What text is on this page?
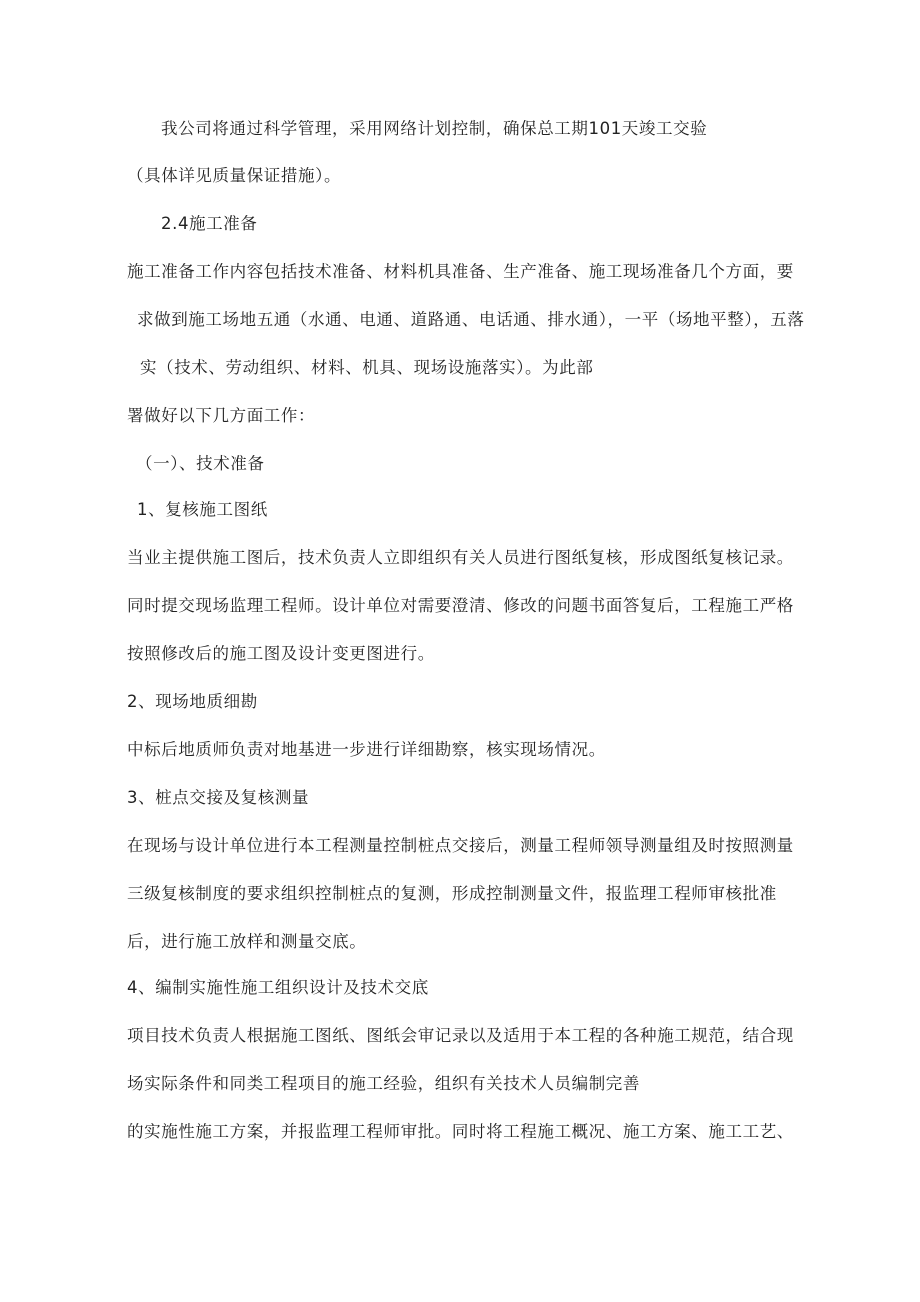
我公司将通过科学管理，采用网络计划控制，确保总工期101天竣工交验
（具体详见质量保证措施）。
2.4施工准备
施工准备工作内容包括技术准备、材料机具准备、生产准备、施工现场准备几个方面，要
求做到施工场地五通（水通、电通、道路通、电话通、排水通），一平（场地平整），五落
实（技术、劳动组织、材料、机具、现场设施落实）。为此部
署做好以下几方面工作：
（一）、技术准备
1、复核施工图纸
当业主提供施工图后，技术负责人立即组织有关人员进行图纸复核，形成图纸复核记录。
同时提交现场监理工程师。设计单位对需要澄清、修改的问题书面答复后，工程施工严格
按照修改后的施工图及设计变更图进行。
2、现场地质细勘
中标后地质师负责对地基进一步进行详细勘察，核实现场情况。
3、桩点交接及复核测量
在现场与设计单位进行本工程测量控制桩点交接后，测量工程师领导测量组及时按照测量
三级复核制度的要求组织控制桩点的复测，形成控制测量文件，报监理工程师审核批准
后，进行施工放样和测量交底。
4、编制实施性施工组织设计及技术交底
项目技术负责人根据施工图纸、图纸会审记录以及适用于本工程的各种施工规范，结合现
场实际条件和同类工程项目的施工经验，组织有关技术人员编制完善
的实施性施工方案，并报监理工程师审批。同时将工程施工概况、施工方案、施工工艺、
